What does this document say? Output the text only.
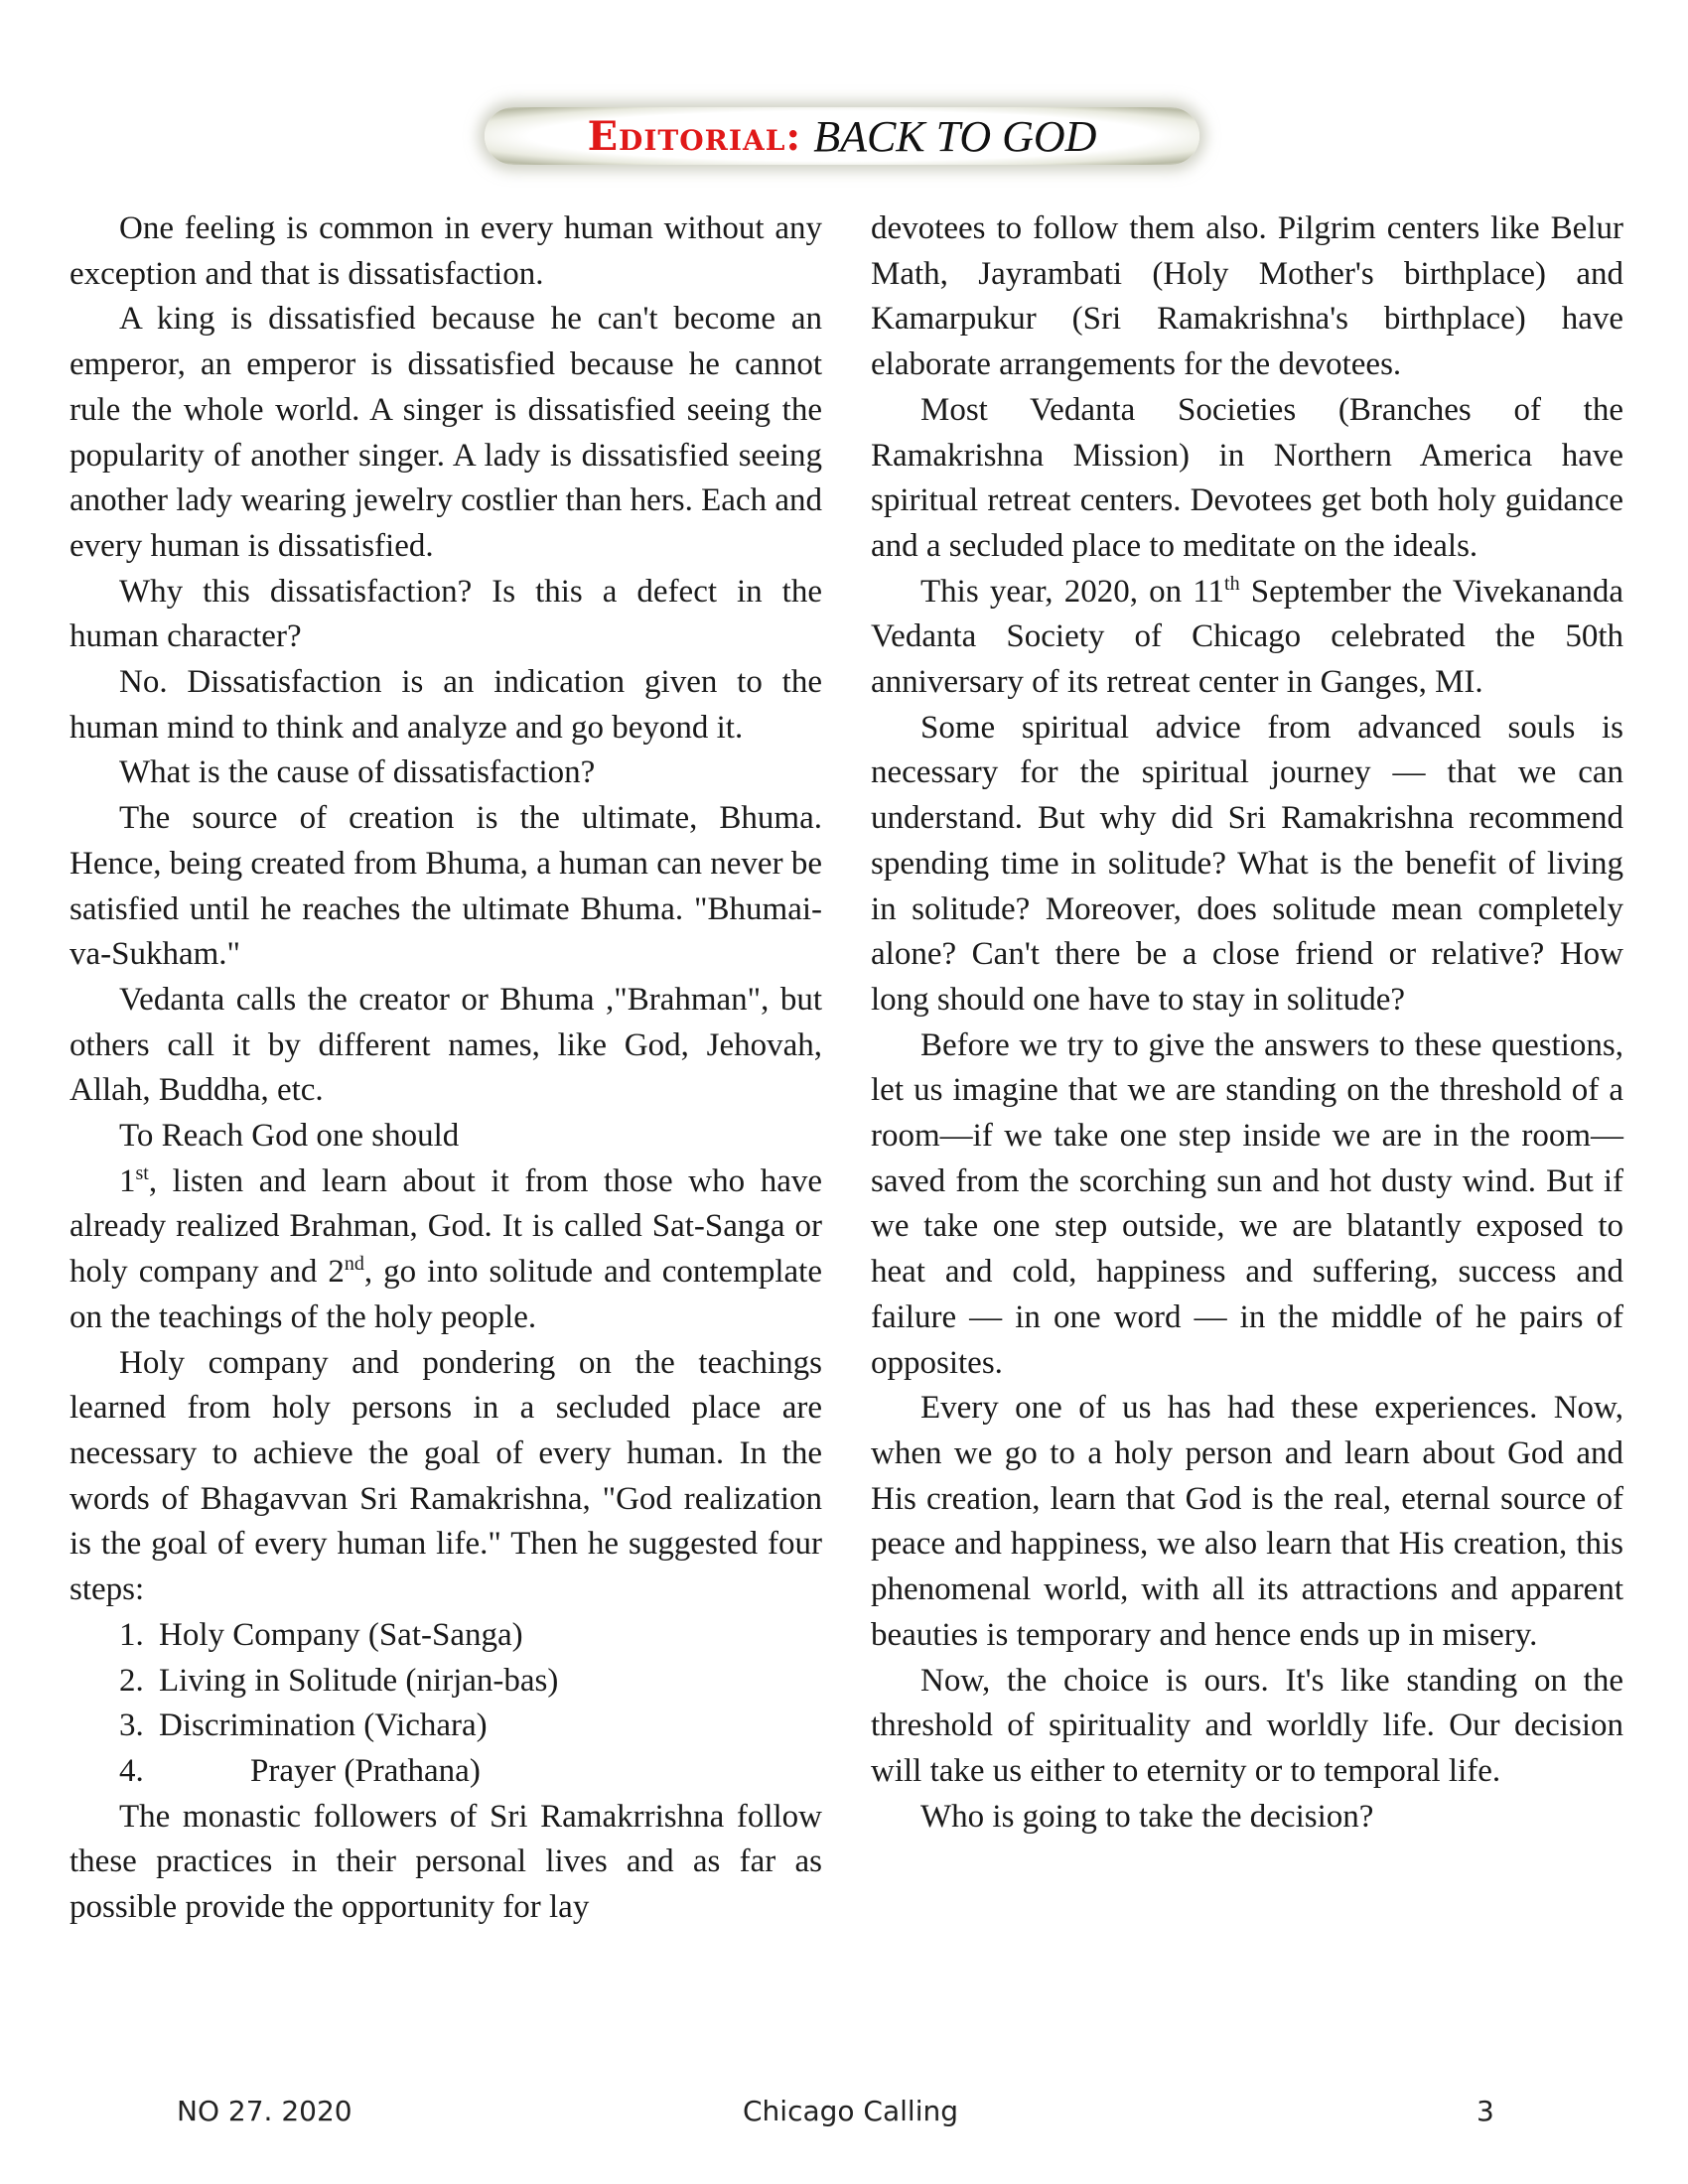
Editorial: BACK TO GOD

One feeling is common in every human without any exception and that is dissatisfaction.

A king is dissatisfied because he can't become an emperor, an emperor is dissatisfied because he cannot rule the whole world. A singer is dissatisfied seeing the popularity of another singer. A lady is dissatisfied seeing another lady wearing jewelry costlier than hers. Each and every human is dissatisfied.

Why this dissatisfaction? Is this a defect in the human character?

No. Dissatisfaction is an indication given to the human mind to think and analyze and go beyond it.

What is the cause of dissatisfaction?

The source of creation is the ultimate, Bhuma. Hence, being created from Bhuma, a human can never be satisfied until he reaches the ultimate Bhuma. "Bhumai-va-Sukham."

Vedanta calls the creator or Bhuma ,"Brahman", but others call it by different names, like God, Jehovah, Allah, Buddha, etc.

To Reach God one should

1st, listen and learn about it from those who have already realized Brahman, God. It is called Sat-Sanga or holy company and 2nd, go into solitude and contemplate on the teachings of the holy people.

Holy company and pondering on the teachings learned from holy persons in a secluded place are necessary to achieve the goal of every human. In the words of Bhagavvan Sri Ramakrishna, "God realization is the goal of every human life." Then he suggested four steps:

1. Holy Company (Sat-Sanga)
2. Living in Solitude (nirjan-bas)
3. Discrimination (Vichara)
4.	Prayer (Prathana)

The monastic followers of Sri Ramakrrishna follow these practices in their personal lives and as far as possible provide the opportunity for lay

devotees to follow them also. Pilgrim centers like Belur Math, Jayrambati (Holy Mother's birthplace) and Kamarpukur (Sri Ramakrishna's birthplace) have elaborate arrangements for the devotees.

Most Vedanta Societies (Branches of the Ramakrishna Mission) in Northern America have spiritual retreat centers. Devotees get both holy guidance and a secluded place to meditate on the ideals.

This year, 2020, on 11th September the Vivekananda Vedanta Society of Chicago celebrated the 50th anniversary of its retreat center in Ganges, MI.

Some spiritual advice from advanced souls is necessary for the spiritual journey — that we can understand. But why did Sri Ramakrishna recommend spending time in solitude? What is the benefit of living in solitude? Moreover, does solitude mean completely alone? Can't there be a close friend or relative? How long should one have to stay in solitude?

Before we try to give the answers to these questions, let us imagine that we are standing on the threshold of a room—if we take one step inside we are in the room—saved from the scorching sun and hot dusty wind. But if we take one step outside, we are blatantly exposed to heat and cold, happiness and suffering, success and failure — in one word — in the middle of he pairs of opposites.

Every one of us has had these experiences. Now, when we go to a holy person and learn about God and His creation, learn that God is the real, eternal source of peace and happiness, we also learn that His creation, this phenomenal world, with all its attractions and apparent beauties is temporary and hence ends up in misery.

Now, the choice is ours. It's like standing on the threshold of spirituality and worldly life. Our decision will take us either to eternity or to temporal life.

Who is going to take the decision?

NO 27. 2020	Chicago Calling	3
